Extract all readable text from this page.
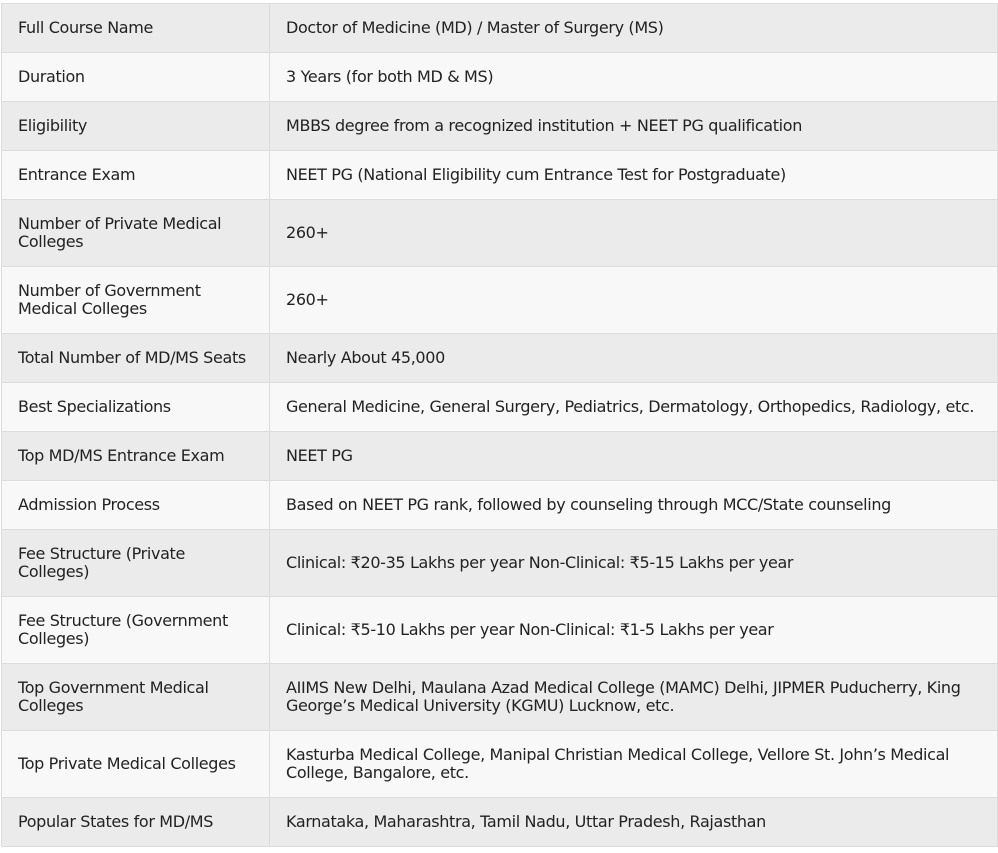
Full Course Name	Doctor of Medicine (MD) / Master of Surgery (MS)
Duration	3 Years (for both MD & MS)
Eligibility	MBBS degree from a recognized institution + NEET PG qualification
Entrance Exam	NEET PG (National Eligibility cum Entrance Test for Postgraduate)
Number of Private Medical Colleges	260+
Number of Government Medical Colleges	260+
Total Number of MD/MS Seats	Nearly About 45,000
Best Specializations	General Medicine, General Surgery, Pediatrics, Dermatology, Orthopedics, Radiology, etc.
Top MD/MS Entrance Exam	NEET PG
Admission Process	Based on NEET PG rank, followed by counseling through MCC/State counseling
Fee Structure (Private Colleges)	Clinical: ₹20-35 Lakhs per year Non-Clinical: ₹5-15 Lakhs per year
Fee Structure (Government Colleges)	Clinical: ₹5-10 Lakhs per year Non-Clinical: ₹1-5 Lakhs per year
Top Government Medical Colleges	AIIMS New Delhi, Maulana Azad Medical College (MAMC) Delhi, JIPMER Puducherry, King George’s Medical University (KGMU) Lucknow, etc.
Top Private Medical Colleges	Kasturba Medical College, Manipal Christian Medical College, Vellore St. John’s Medical College, Bangalore, etc.
Popular States for MD/MS	Karnataka, Maharashtra, Tamil Nadu, Uttar Pradesh, Rajasthan
